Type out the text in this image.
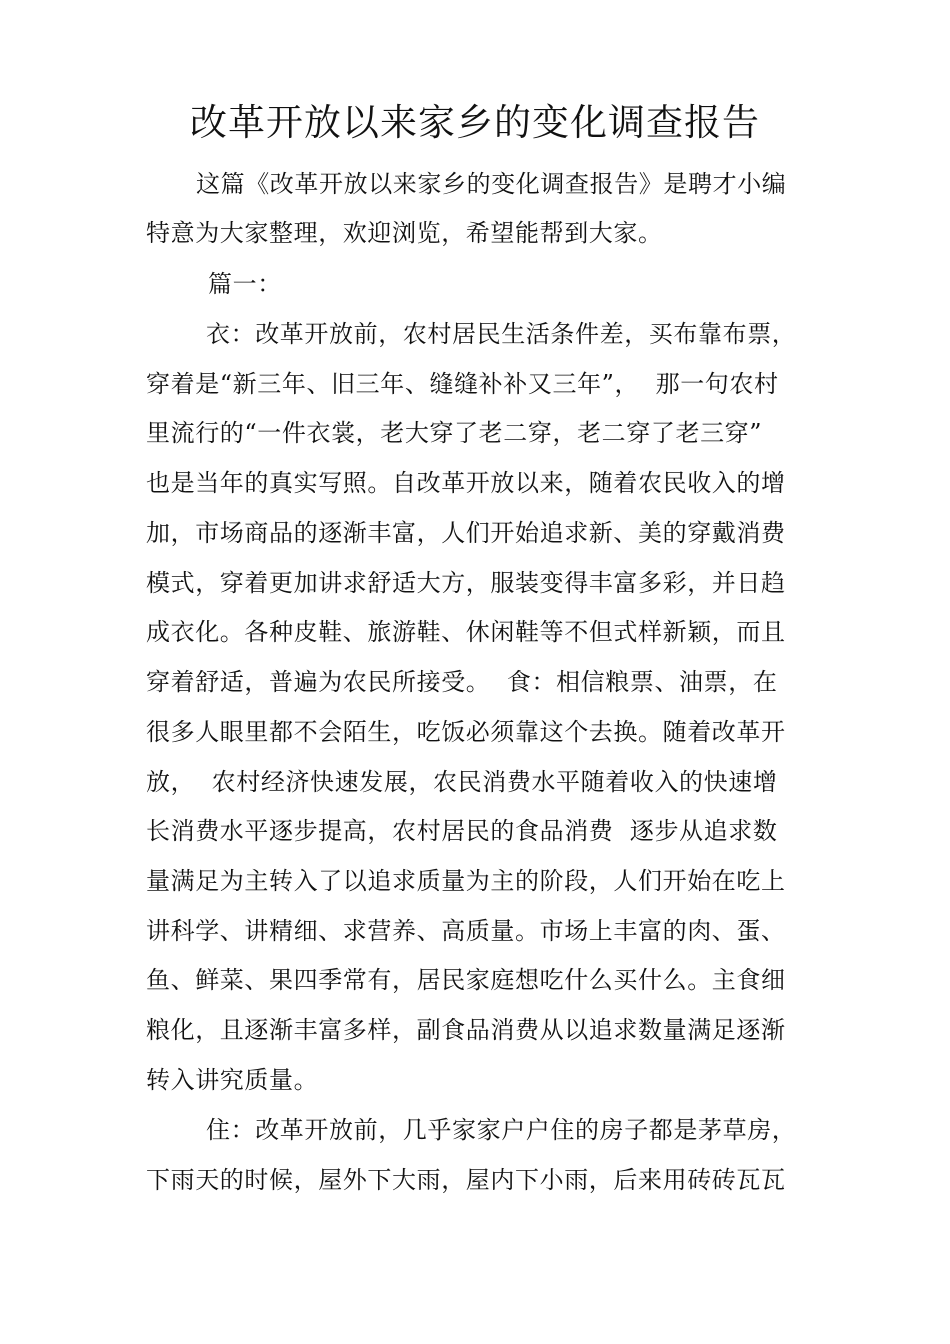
改革开放以来家乡的变化调查报告
这篇《改革开放以来家乡的变化调查报告》是聘才小编
特意为大家整理，欢迎浏览，希望能帮到大家。
篇一：
衣：改革开放前，农村居民生活条件差，买布靠布票，
穿着是“新三年、旧三年、缝缝补补又三年”，  那一句农村
里流行的“一件衣裳，老大穿了老二穿，老二穿了老三穿”
也是当年的真实写照。自改革开放以来，随着农民收入的增
加，市场商品的逐渐丰富，人们开始追求新、美的穿戴消费
模式，穿着更加讲求舒适大方，服装变得丰富多彩，并日趋
成衣化。各种皮鞋、旅游鞋、休闲鞋等不但式样新颖，而且
穿着舒适，普遍为农民所接受。  食：相信粮票、油票，在
很多人眼里都不会陌生，吃饭必须靠这个去换。随着改革开
放，  农村经济快速发展，农民消费水平随着收入的快速增
长消费水平逐步提高，农村居民的食品消费  逐步从追求数
量满足为主转入了以追求质量为主的阶段，人们开始在吃上
讲科学、讲精细、求营养、高质量。市场上丰富的肉、蛋、
鱼、鲜菜、果四季常有，居民家庭想吃什么买什么。主食细
粮化，且逐渐丰富多样，副食品消费从以追求数量满足逐渐
转入讲究质量。
住：改革开放前，几乎家家户户住的房子都是茅草房，
下雨天的时候，屋外下大雨，屋内下小雨，后来用砖砖瓦瓦
